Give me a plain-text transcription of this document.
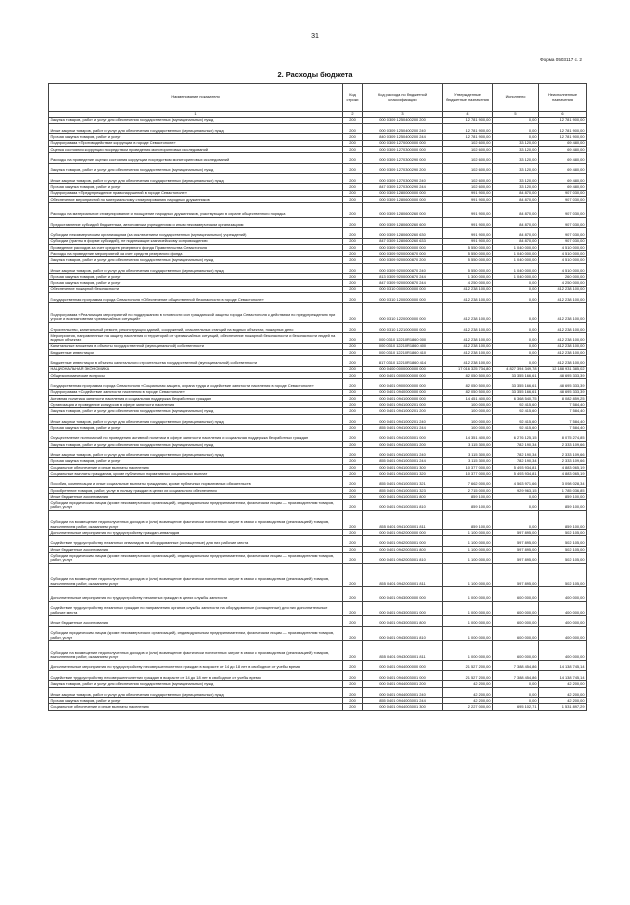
31
Форма 0503117 с. 2
2. Расходы бюджета
Наименование показателя	Код строки	Код расхода по бюджетной классификации	Утвержденные бюджетные назначения	Исполнено	Неисполненные назначения
1	2	3	4	5	6
Закупка товаров, работ и услуг для обеспечения государственных (муниципальных) нужд	200	000 0309 1250400200 200	12 781 900,00	0,00	12 781 900,00
Иные закупки товаров, работ и услуг для обеспечения государственных (муниципальных) нужд	200	000 0309 1250400200 240	12 781 900,00	0,00	12 781 900,00
Прочая закупка товаров, работ и услуг	200	840 0309 1250400200 244	12 781 900,00	0,00	12 781 900,00
Подпрограмма «Противодействие коррупции в городе Севастополе»	200	000 0309 1270000000 000	102 600,00	33 120,00	69 480,00
Оценка состояния коррупции посредством проведения мониторинговых исследований	200	000 0309 1270300000 000	102 600,00	33 120,00	69 480,00
Расходы на проведение оценки состояния коррупции посредством мониторинговых исследований	200	000 0309 1270300290 000	102 600,00	33 120,00	69 480,00
Закупка товаров, работ и услуг для обеспечения государственных (муниципальных) нужд	200	000 0309 1270300290 200	102 600,00	33 120,00	69 480,00
Иные закупки товаров, работ и услуг для обеспечения государственных (муниципальных) нужд	200	000 0309 1270300290 240	102 600,00	33 120,00	69 480,00
Прочая закупка товаров, работ и услуг	200	847 0309 1270300290 244	102 600,00	33 120,00	69 480,00
Подпрограмма «Предупреждение правонарушений в городе Севастополе»	200	000 0309 1280000000 000	991 900,00	84 870,00	907 030,00
Обеспечение мероприятий по материальному стимулированию народных дружинников	200	000 0309 1280600000 000	991 900,00	84 870,00	907 030,00
Расходы на материальное стимулирование и поощрение народных дружинников, участвующих в охране общественного порядка	200	000 0309 1280600260 000	991 900,00	84 870,00	907 030,00
Предоставление субсидий бюджетным, автономным учреждениям и иным некоммерческим организациям	200	000 0309 1280600260 600	991 900,00	84 870,00	907 030,00
Субсидии некоммерческим организациям (за исключением государственных (муниципальных) учреждений)	200	000 0309 1280600260 630	991 900,00	84 870,00	907 030,00
Субсидии (гранты в форме субсидий), не подлежащие казначейскому сопровождению	200	847 0309 1280600260 633	991 900,00	84 870,00	907 030,00
Проведение расходов за счет средств резервного фонда Правительства Севастополя	200	000 0309 9200000000 000	5 550 000,00	1 040 000,00	4 510 000,00
Расходы на проведение мероприятий за счет средств резервного фонда	200	000 0309 9200000870 000	5 550 000,00	1 040 000,00	4 510 000,00
Закупка товаров, работ и услуг для обеспечения государственных (муниципальных) нужд	200	000 0309 9200000870 200	5 550 000,00	1 040 000,00	4 510 000,00
Иные закупки товаров, работ и услуг для обеспечения государственных (муниципальных) нужд	200	000 0309 9200000870 240	5 550 000,00	1 040 000,00	4 510 000,00
Прочая закупка товаров, работ и услуг	200	813 0309 9200000870 244	1 300 000,00	1 040 000,00	260 000,00
Прочая закупка товаров, работ и услуг	200	847 0309 9200000870 244	4 250 000,00	0,00	4 250 000,00
Обеспечение пожарной безопасности	200	000 0310 0000000000 000	412 238 100,00	0,00	412 238 100,00
Государственная программа города Севастополя «Обеспечение общественной безопасности в городе Севастополе»	200	000 0310 1200000000 000	412 238 100,00	0,00	412 238 100,00
Подпрограмма «Реализация мероприятий по поддержанию в готовности сил гражданской защиты города Севастополя к действиям по предупреждению при угрозе и возникновении чрезвычайных ситуаций»	200	000 0310 1220000000 000	412 238 100,00	0,00	412 238 100,00
Строительство, капитальный ремонт, реконструкция зданий, сооружений, спасательных станций на водных объектах, пожарных депо	200	000 0310 1221000000 000	412 238 100,00	0,00	412 238 100,00
Мероприятия, направленные на защиту населения и территорий от чрезвычайных ситуаций, обеспечение пожарной безопасности и безопасности людей на водных объектах	200	000 0310 12210R1860 000	412 238 100,00	0,00	412 238 100,00
Капитальные вложения в объекты государственной (муниципальной) собственности	200	000 0310 12210R1860 400	412 238 100,00	0,00	412 238 100,00
Бюджетные инвестиции	200	000 0310 12210R1860 410	412 238 100,00	0,00	412 238 100,00
Бюджетные инвестиции в объекты капитального строительства государственной (муниципальной) собственности	200	817 0310 12210R1860 414	412 238 100,00	0,00	412 238 100,00
НАЦИОНАЛЬНАЯ ЭКОНОМИКА	200	000 0400 0000000000 000	17 016 325 734,80	4 827 394 349,78	12 188 931 385,02
Общеэкономические вопросы	200	000 0401 0000000000 000	82 050 500,00	33 355 166,61	48 695 333,39
Государственная программа города Севастополя «Социальная защита, охрана труда и содействие занятости населения в городе Севастополе»	200	000 0401 0900000000 000	82 050 500,00	33 355 166,61	48 695 333,39
Подпрограмма «Содействие занятости населения в городе Севастополе»	200	000 0401 0940000000 000	82 050 500,00	33 355 166,61	48 695 333,39
Активная политика занятости населения и социальная поддержка безработных граждан	200	000 0401 0941000000 000	14 451 400,00	6 368 540,75	8 082 859,25
Организация и проведение конкурсов в сфере занятости населения	200	000 0401 0941000201 000	100 000,00	92 415,60	7 584,40
Закупка товаров, работ и услуг для обеспечения государственных (муниципальных) нужд	200	000 0401 0941000201 200	100 000,00	92 415,60	7 584,40
Иные закупки товаров, работ и услуг для обеспечения государственных (муниципальных) нужд	200	000 0401 0941000201 240	100 000,00	92 415,60	7 584,40
Прочая закупка товаров, работ и услуг	200	855 0401 0941000201 244	100 000,00	92 415,60	7 584,40
Осуществление полномочий по проведению активной политики в сфере занятости населения и социальная поддержка безработных граждан	200	000 0401 0941003001 000	14 351 400,00	6 276 125,15	8 075 274,85
Закупка товаров, работ и услуг для обеспечения государственных (муниципальных) нужд	200	000 0401 0941003001 200	3 115 300,00	782 190,34	2 333 109,66
Иные закупки товаров, работ и услуг для обеспечения государственных (муниципальных) нужд	200	000 0401 0941003001 240	3 115 300,00	782 190,34	2 333 109,66
Прочая закупка товаров, работ и услуг	200	855 0401 0941003001 244	3 115 300,00	782 190,34	2 333 109,66
Социальное обеспечение и иные выплаты населению	200	000 0401 0941003001 300	10 377 000,00	5 493 934,81	4 883 065,19
Социальные выплаты гражданам, кроме публичных нормативных социальных выплат	200	000 0401 0941003001 320	10 377 000,00	5 493 934,81	4 883 065,19
Пособия, компенсации и иные социальные выплаты гражданам, кроме публичных нормативных обязательств	200	855 0401 0941003001 321	7 662 000,00	4 563 971,66	3 098 028,34
Приобретение товаров, работ, услуг в пользу граждан в целях их социального обеспечения	200	855 0401 0941003001 323	2 715 000,00	929 963,15	1 785 036,85
Иные бюджетные ассигнования	200	000 0401 0941003001 800	859 100,00	0,00	859 100,00
Субсидии юридическим лицам (кроме некоммерческих организаций), индивидуальным предпринимателям, физическим лицам — производителям товаров, работ, услуг	200	000 0401 0941003001 810	859 100,00	0,00	859 100,00
Субсидии на возмещение недополученных доходов и (или) возмещение фактически понесенных затрат в связи с производством (реализацией) товаров, выполнением работ, оказанием услуг	200	855 0401 0941003001 811	859 100,00	0,00	859 100,00
Дополнительные мероприятия по трудоустройству граждан-инвалидов	200	000 0401 0942000000 000	1 100 000,00	597 895,00	502 105,00
Содействие трудоустройству незанятых инвалидов на оборудованные (оснащенные) для них рабочие места	200	000 0401 0942003001 000	1 100 000,00	597 895,00	502 105,00
Иные бюджетные ассигнования	200	000 0401 0942003001 800	1 100 000,00	597 895,00	502 105,00
Субсидии юридическим лицам (кроме некоммерческих организаций), индивидуальным предпринимателям, физическим лицам — производителям товаров, работ, услуг	200	000 0401 0942003001 810	1 100 000,00	597 895,00	502 105,00
Субсидии на возмещение недополученных доходов и (или) возмещение фактически понесенных затрат в связи с производством (реализацией) товаров, выполнением работ, оказанием услуг	200	855 0401 0942003001 811	1 100 000,00	597 895,00	502 105,00
Дополнительные мероприятия по трудоустройству незанятых граждан в целях службы занятости	200	000 0401 0943000000 000	1 000 000,00	600 000,00	400 000,00
Содействие трудоустройству незанятых граждан по направлению органов службы занятости на оборудованные (оснащенные) для них дополнительные рабочие места	200	000 0401 0943003001 000	1 000 000,00	600 000,00	400 000,00
Иные бюджетные ассигнования	200	000 0401 0943003001 800	1 000 000,00	600 000,00	400 000,00
Субсидии юридическим лицам (кроме некоммерческих организаций), индивидуальным предпринимателям, физическим лицам — производителям товаров, работ, услуг	200	000 0401 0943003001 810	1 000 000,00	600 000,00	400 000,00
Субсидии на возмещение недополученных доходов и (или) возмещение фактически понесенных затрат в связи с производством (реализацией) товаров, выполнением работ, оказанием услуг	200	855 0401 0943003001 811	1 000 000,00	600 000,00	400 000,00
Дополнительные мероприятия по трудоустройству несовершеннолетних граждан в возрасте от 14 до 18 лет в свободное от учебы время	200	000 0401 0944000000 000	21 527 200,00	7 388 454,86	14 138 745,14
Содействие трудоустройству несовершеннолетних граждан в возрасте от 14 до 18 лет в свободное от учебы время	200	000 0401 0944003001 000	21 527 200,00	7 388 454,86	14 138 745,14
Закупка товаров, работ и услуг для обеспечения государственных (муниципальных) нужд	200	000 0401 0944003001 200	42 200,00	0,00	42 200,00
Иные закупки товаров, работ и услуг для обеспечения государственных (муниципальных) нужд	200	000 0401 0944003001 240	42 200,00	0,00	42 200,00
Прочая закупка товаров, работ и услуг	200	855 0401 0944003001 244	42 200,00	0,00	42 200,00
Социальное обеспечение и иные выплаты населению	200	000 0401 0944003001 300	2 227 000,00	695 102,71	1 531 897,29
